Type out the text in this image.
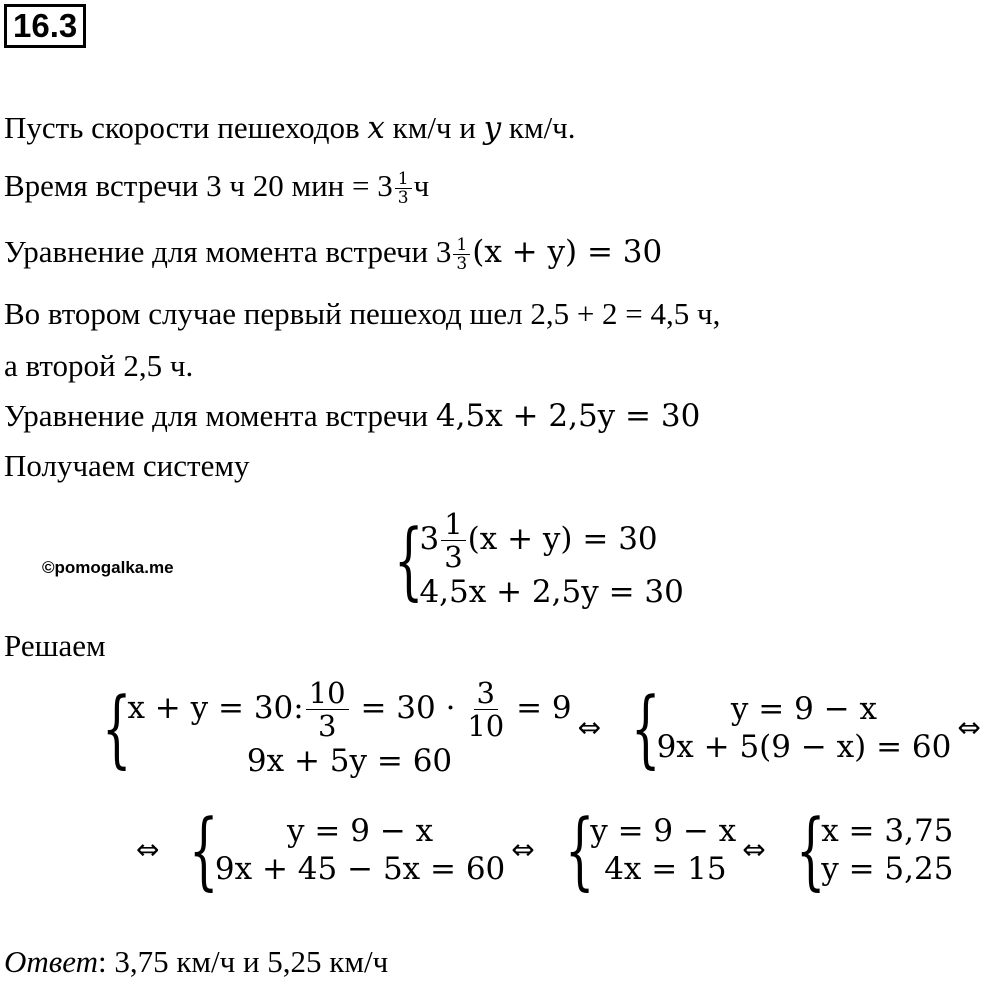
16.3
Пусть скорости пешеходов x км/ч и y км/ч.
Время встречи 3 ч 20 мин = $3 \frac{1}{3}$ ч
Уравнение для момента встречи $3 \frac{1}{3} (x + y) = 30$
Во втором случае первый пешеход шел 2,5 + 2 = 4,5 ч,
а второй 2,5 ч.
Уравнение для момента встречи 4,5x + 2,5y = 30
Получаем систему
©pomogalka.me	{
$3 \frac{1}{3} (x + y) = 30$
4,5x + 2,5y = 30
Решаем
{
x + y = 30: $\frac{10}{3} = 30 \cdot \frac{3}{10} = 9$
9x + 5y = 60
⇔ { y = 9 − x
9x + 5(9 − x) = 60
⇔
⇔ { y = 9 − x
9x + 45 − 5x = 60
⇔ {
y = 9 − x
4x = 15
⇔ {
x = 3,75
y = 5,25
Ответ: 3,75 км/ч и 5,25 км/ч
